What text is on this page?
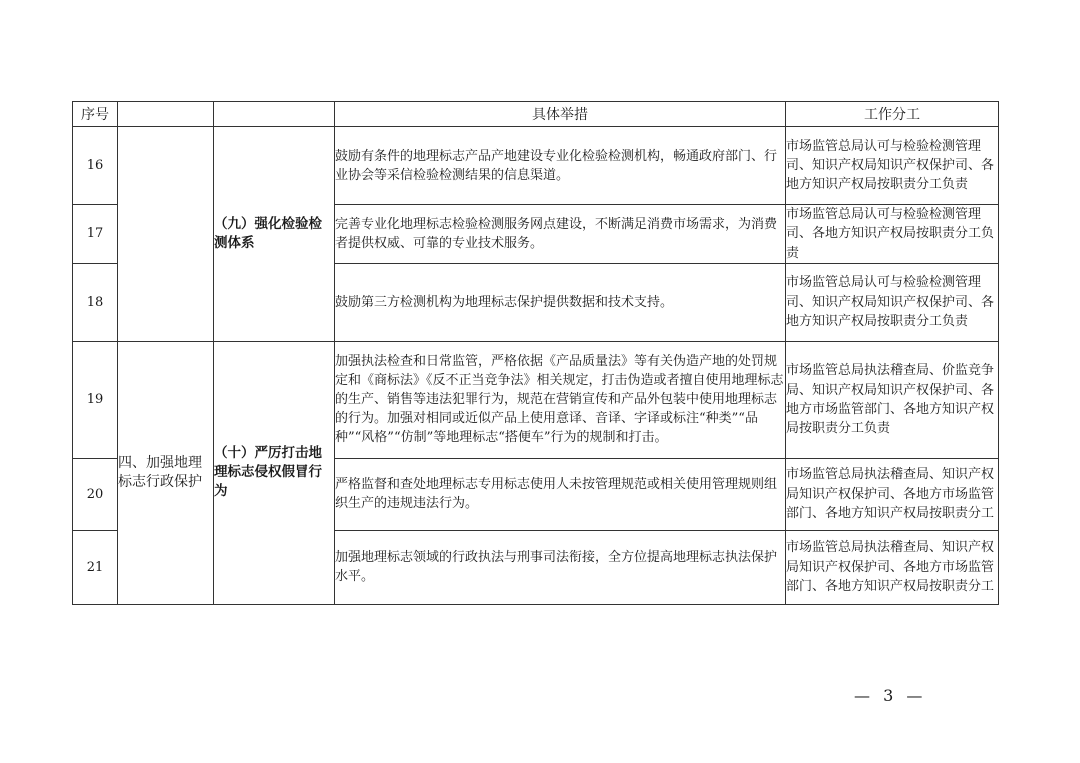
序号			具体举措	工作分工
16		（九）强化检验检测体系	鼓励有条件的地理标志产品产地建设专业化检验检测机构，畅通政府部门、行业协会等采信检验检测结果的信息渠道。	市场监管总局认可与检验检测管理司、知识产权局知识产权保护司、各地方知识产权局按职责分工负责
17			完善专业化地理标志检验检测服务网点建设，不断满足消费市场需求，为消费者提供权威、可靠的专业技术服务。	市场监管总局认可与检验检测管理司、各地方知识产权局按职责分工负责
18			鼓励第三方检测机构为地理标志保护提供数据和技术支持。	市场监管总局认可与检验检测管理司、知识产权局知识产权保护司、各地方知识产权局按职责分工负责
19	四、加强地理标志行政保护	（十）严厉打击地理标志侵权假冒行为	加强执法检查和日常监管，严格依据《产品质量法》等有关伪造产地的处罚规定和《商标法》《反不正当竞争法》相关规定，打击伪造或者擅自使用地理标志的生产、销售等违法犯罪行为，规范在营销宣传和产品外包装中使用地理标志的行为。加强对相同或近似产品上使用意译、音译、字译或标注“种类”“品种”“风格”“仿制”等地理标志“搭便车”行为的规制和打击。	市场监管总局执法稽查局、价监竞争局、知识产权局知识产权保护司、各地方市场监管部门、各地方知识产权局按职责分工负责
20			严格监督和查处地理标志专用标志使用人未按管理规范或相关使用管理规则组织生产的违规违法行为。	市场监管总局执法稽查局、知识产权局知识产权保护司、各地方市场监管部门、各地方知识产权局按职责分工
21			加强地理标志领域的行政执法与刑事司法衔接，全方位提高地理标志执法保护水平。	市场监管总局执法稽查局、知识产权局知识产权保护司、各地方市场监管部门、各地方知识产权局按职责分工
— 3 —
